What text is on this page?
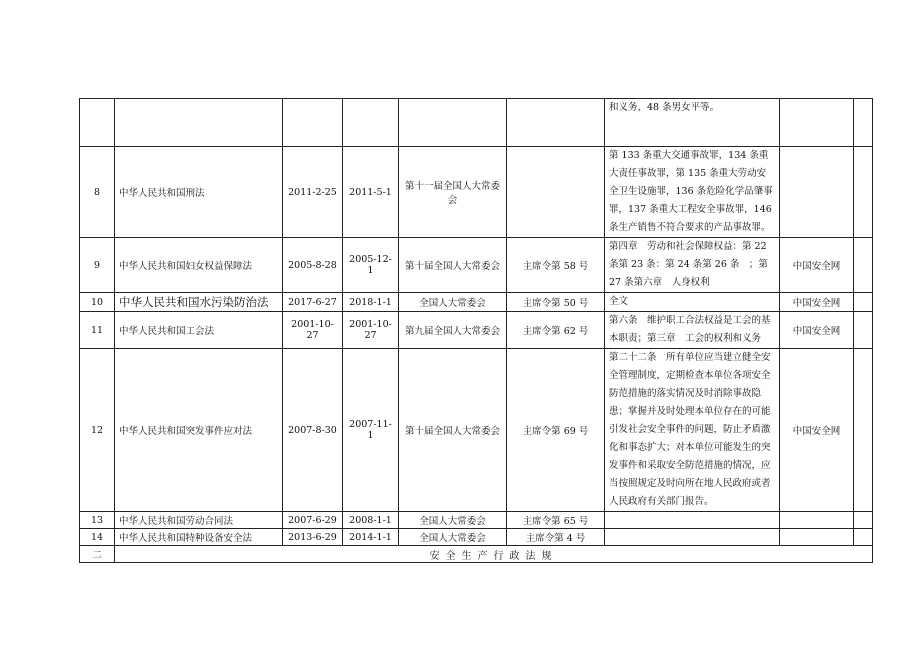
						和义务、48 条男女平等。		
8	中华人民共和国刑法	2011-2-25	2011-5-1	第十一届全国人大常委会		第 133 条重大交通事故罪，134 条重大责任事故罪，第 135 条重大劳动安全卫生设施罪，136 条危险化学品肇事罪，137 条重大工程安全事故罪，146 条生产销售不符合要求的产品事故罪。		
9	中华人民共和国妇女权益保障法	2005-8-28	2005-12-1	第十届全国人大常委会	主席令第 58 号	第四章　劳动和社会保障权益：第 22 条第 23 条：第 24 条第 26 条　；第 27 条第六章　人身权利	中国安全网	
10	中华人民共和国水污染防治法	2017-6-27	2018-1-1	全国人大常委会	主席令第 50 号	全文	中国安全网	
11	中华人民共和国工会法	2001-10-27	2001-10-27	第九届全国人大常委会	主席令第 62 号	第六条　维护职工合法权益是工会的基本职责；第三章　工会的权利和义务	中国安全网	
12	中华人民共和国突发事件应对法	2007-8-30	2007-11-1	第十届全国人大常委会	主席令第 69 号	第二十二条　所有单位应当建立健全安全管理制度，定期检查本单位各项安全防范措施的落实情况及时消除事故隐患；掌握并及时处理本单位存在的可能引发社会安全事件的问题，防止矛盾激化和事态扩大；对本单位可能发生的突发事件和采取安全防范措施的情况，应当按照规定及时向所在地人民政府或者人民政府有关部门报告。	中国安全网	
13	中华人民共和国劳动合同法	2007-6-29	2008-1-1	全国人大常委会	主席令第 65 号			
14	中华人民共和国特种设备安全法	2013-6-29	2014-1-1	全国人大常委会	主席令第 4 号			
二	安全生产行政法规							
